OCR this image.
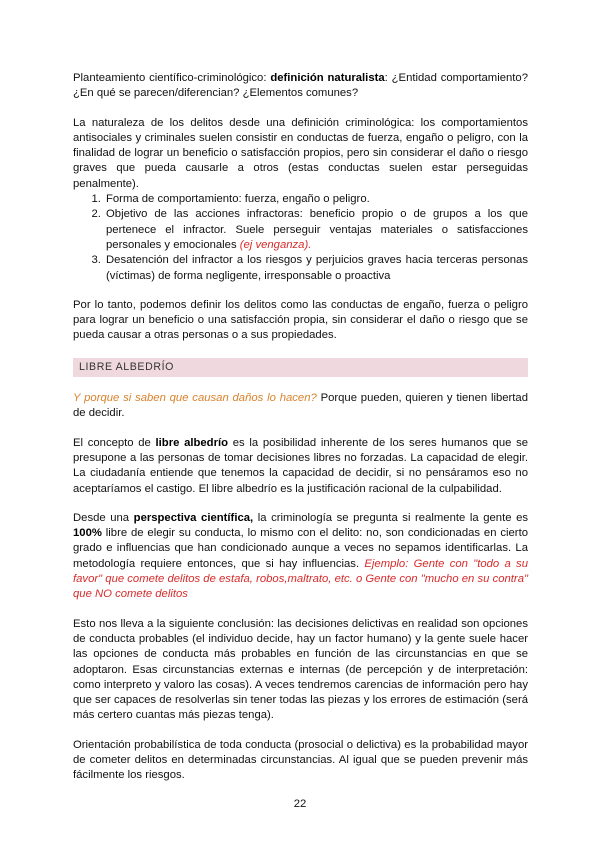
Planteamiento científico-criminológico: definición naturalista: ¿Entidad comportamiento? ¿En qué se parecen/diferencian? ¿Elementos comunes?

La naturaleza de los delitos desde una definición criminológica: los comportamientos antisociales y criminales suelen consistir en conductas de fuerza, engaño o peligro, con la finalidad de lograr un beneficio o satisfacción propios, pero sin considerar el daño o riesgo graves que pueda causarle a otros (estas conductas suelen estar perseguidas penalmente).

1. Forma de comportamiento: fuerza, engaño o peligro.
2. Objetivo de las acciones infractoras: beneficio propio o de grupos a los que pertenece el infractor. Suele perseguir ventajas materiales o satisfacciones personales y emocionales (ej venganza).
3. Desatención del infractor a los riesgos y perjuicios graves hacia terceras personas (víctimas) de forma negligente, irresponsable o proactiva

Por lo tanto, podemos definir los delitos como las conductas de engaño, fuerza o peligro para lograr un beneficio o una satisfacción propia, sin considerar el daño o riesgo que se pueda causar a otras personas o a sus propiedades.

LIBRE ALBEDRÍO

Y porque si saben que causan daños lo hacen? Porque pueden, quieren y tienen libertad de decidir.

El concepto de libre albedrío es la posibilidad inherente de los seres humanos que se presupone a las personas de tomar decisiones libres no forzadas. La capacidad de elegir. La ciudadanía entiende que tenemos la capacidad de decidir, si no pensáramos eso no aceptaríamos el castigo. El libre albedrío es la justificación racional de la culpabilidad.

Desde una perspectiva científica, la criminología se pregunta si realmente la gente es 100% libre de elegir su conducta, lo mismo con el delito: no, son condicionadas en cierto grado e influencias que han condicionado aunque a veces no sepamos identificarlas. La metodología requiere entonces, que si hay influencias. Ejemplo: Gente con "todo a su favor" que comete delitos de estafa, robos,maltrato, etc. o Gente con "mucho en su contra" que NO comete delitos

Esto nos lleva a la siguiente conclusión: las decisiones delictivas en realidad son opciones de conducta probables (el individuo decide, hay un factor humano) y la gente suele hacer las opciones de conducta más probables en función de las circunstancias en que se adoptaron. Esas circunstancias externas e internas (de percepción y de interpretación: como interpreto y valoro las cosas). A veces tendremos carencias de información pero hay que ser capaces de resolverlas sin tener todas las piezas y los errores de estimación (será más certero cuantas más piezas tenga).

Orientación probabilística de toda conducta (prosocial o delictiva) es la probabilidad mayor de cometer delitos en determinadas circunstancias. Al igual que se pueden prevenir más fácilmente los riesgos.

22
